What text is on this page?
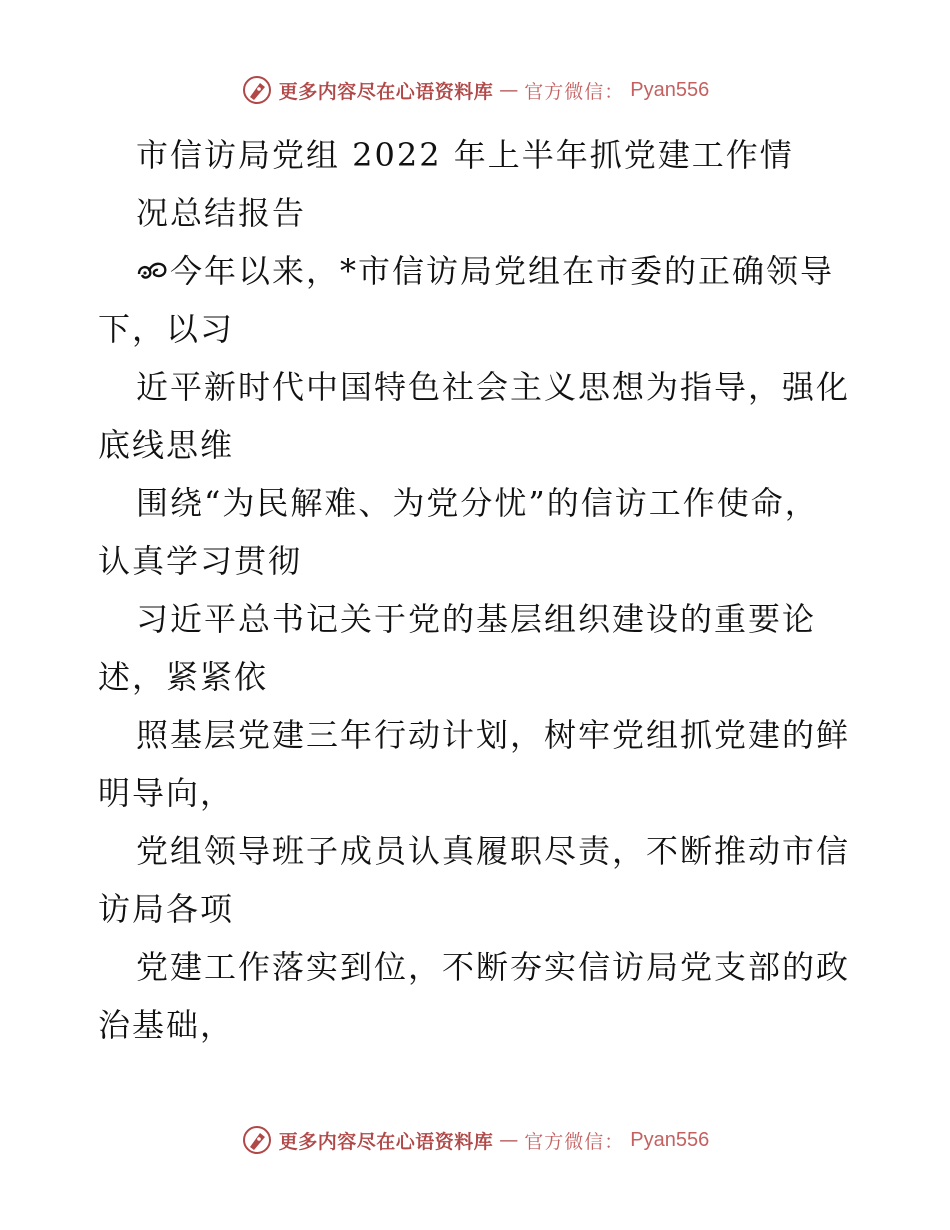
更多内容尽在心语资料库 — 官方微信： Pyan556
市信访局党组 2022 年上半年抓党建工作情
况总结报告
今年以来，*市信访局党组在市委的正确领导
下，以习
近平新时代中国特色社会主义思想为指导，强化
底线思维
围绕“为民解难、为党分忧”的信访工作使命，
认真学习贯彻
习近平总书记关于党的基层组织建设的重要论
述，紧紧依
照基层党建三年行动计划，树牢党组抓党建的鲜
明导向，
党组领导班子成员认真履职尽责，不断推动市信
访局各项
党建工作落实到位，不断夯实信访局党支部的政
治基础，
更多内容尽在心语资料库 — 官方微信： Pyan556
